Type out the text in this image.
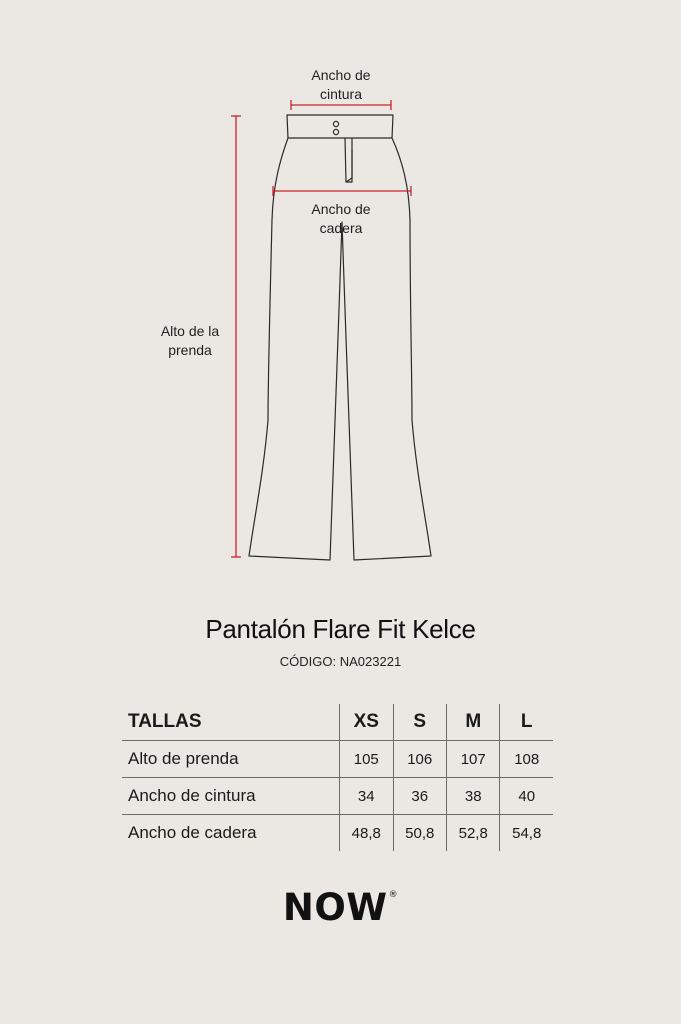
Ancho de
cintura
Ancho de
cadera
Alto de la
prenda
Pantalón Flare Fit Kelce
CÓDIGO: NA023221
TALLAS	XS	S	M	L
Alto de prenda	105	106	107	108
Ancho de cintura	34	36	38	40
Ancho de cadera	48,8	50,8	52,8	54,8
NOW®
